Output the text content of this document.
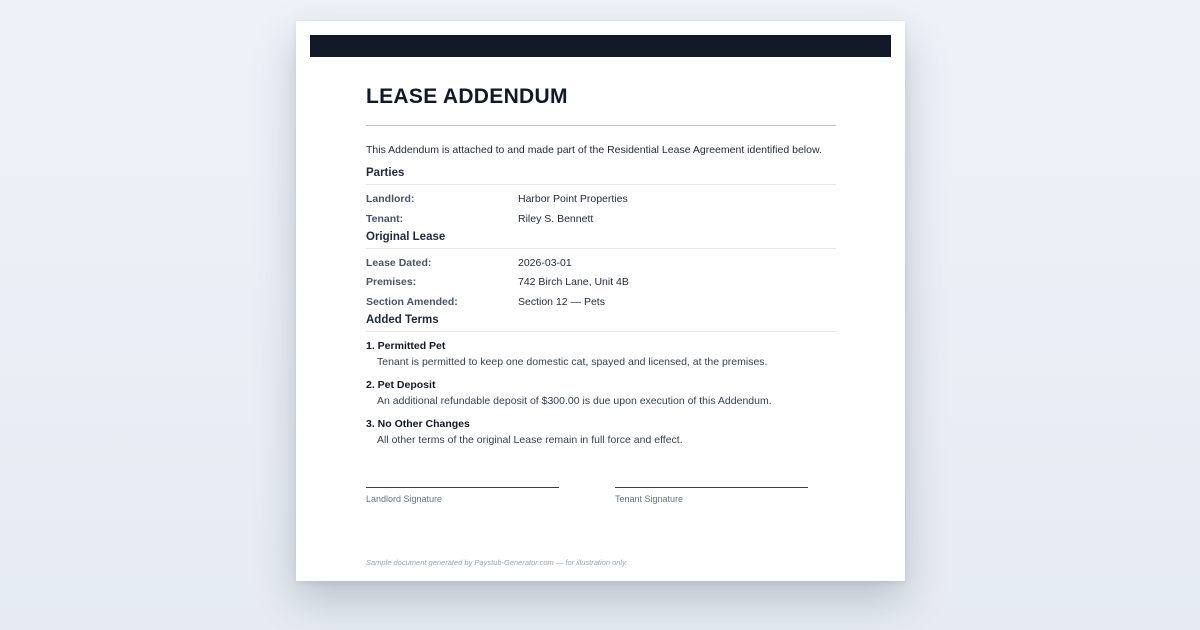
LEASE ADDENDUM
This Addendum is attached to and made part of the Residential Lease Agreement identified below.
Parties
Landlord:	Harbor Point Properties
Tenant:	Riley S. Bennett
Original Lease
Lease Dated:	2026-03-01
Premises:	742 Birch Lane, Unit 4B
Section Amended:	Section 12 — Pets
Added Terms
1. Permitted Pet
Tenant is permitted to keep one domestic cat, spayed and licensed, at the premises.
2. Pet Deposit
An additional refundable deposit of $300.00 is due upon execution of this Addendum.
3. No Other Changes
All other terms of the original Lease remain in full force and effect.
Landlord Signature	Tenant Signature
Sample document generated by Paystub-Generator.com — for illustration only.
